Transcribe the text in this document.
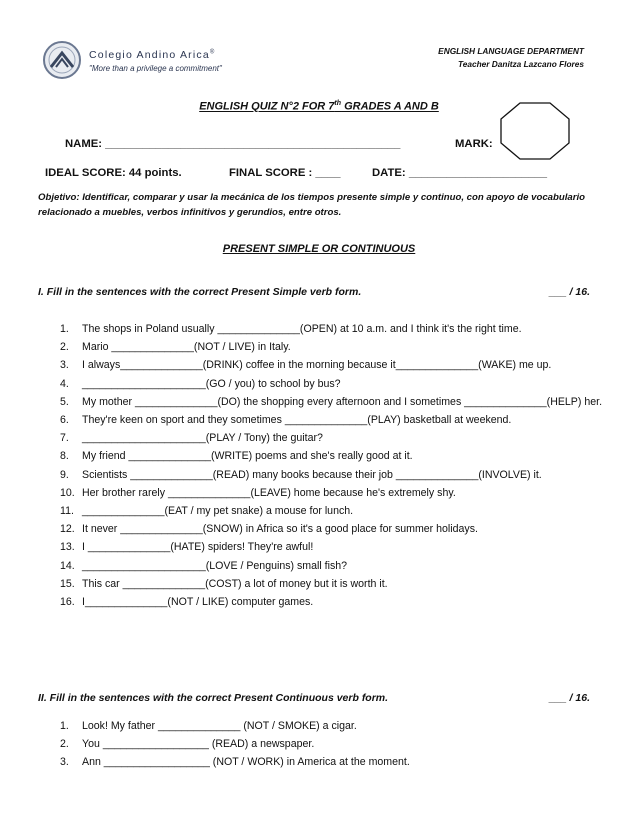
Colegio Andino Arica®
"More than a privilege a commitment"
ENGLISH LANGUAGE DEPARTMENT
Teacher Danitza Lazcano Flores
ENGLISH QUIZ N°2 FOR 7th GRADES A AND B
NAME: _______________________________________________	MARK:
IDEAL SCORE: 44 points.	FINAL SCORE : ____	DATE: ______________________
Objetivo: Identificar, comparar y usar la mecánica de los tiempos presente simple y continuo, con apoyo de vocabulario relacionado a muebles, verbos infinitivos y gerundios, entre otros.
PRESENT SIMPLE OR CONTINUOUS
I. Fill in the sentences with the correct Present Simple verb form.	___ / 16.
1.	The shops in Poland usually ______________(OPEN) at 10 a.m. and I think it's the right time.
2.	Mario ______________(NOT / LIVE) in Italy.
3.	I always______________(DRINK) coffee in the morning because it______________(WAKE) me up.
4.	_____________________(GO / you) to school by bus?
5.	My mother ______________(DO) the shopping every afternoon and I sometimes ______________(HELP) her.
6.	They're keen on sport and they sometimes ______________(PLAY) basketball at weekend.
7.	_____________________(PLAY / Tony) the guitar?
8.	My friend ______________(WRITE) poems and she's really good at it.
9.	Scientists ______________(READ) many books because their job ______________(INVOLVE) it.
10. Her brother rarely ______________(LEAVE) home because he's extremely shy.
11. ______________(EAT / my pet snake) a mouse for lunch.
12. It never ______________(SNOW) in Africa so it's a good place for summer holidays.
13. I ______________(HATE) spiders! They're awful!
14. _____________________(LOVE / Penguins) small fish?
15. This car ______________(COST) a lot of money but it is worth it.
16. I______________(NOT / LIKE) computer games.
II. Fill in the sentences with the correct Present Continuous verb form.	___ / 16.
1.	Look! My father ______________ (NOT / SMOKE) a cigar.
2.	You __________________ (READ) a newspaper.
3.	Ann __________________ (NOT / WORK) in America at the moment.
